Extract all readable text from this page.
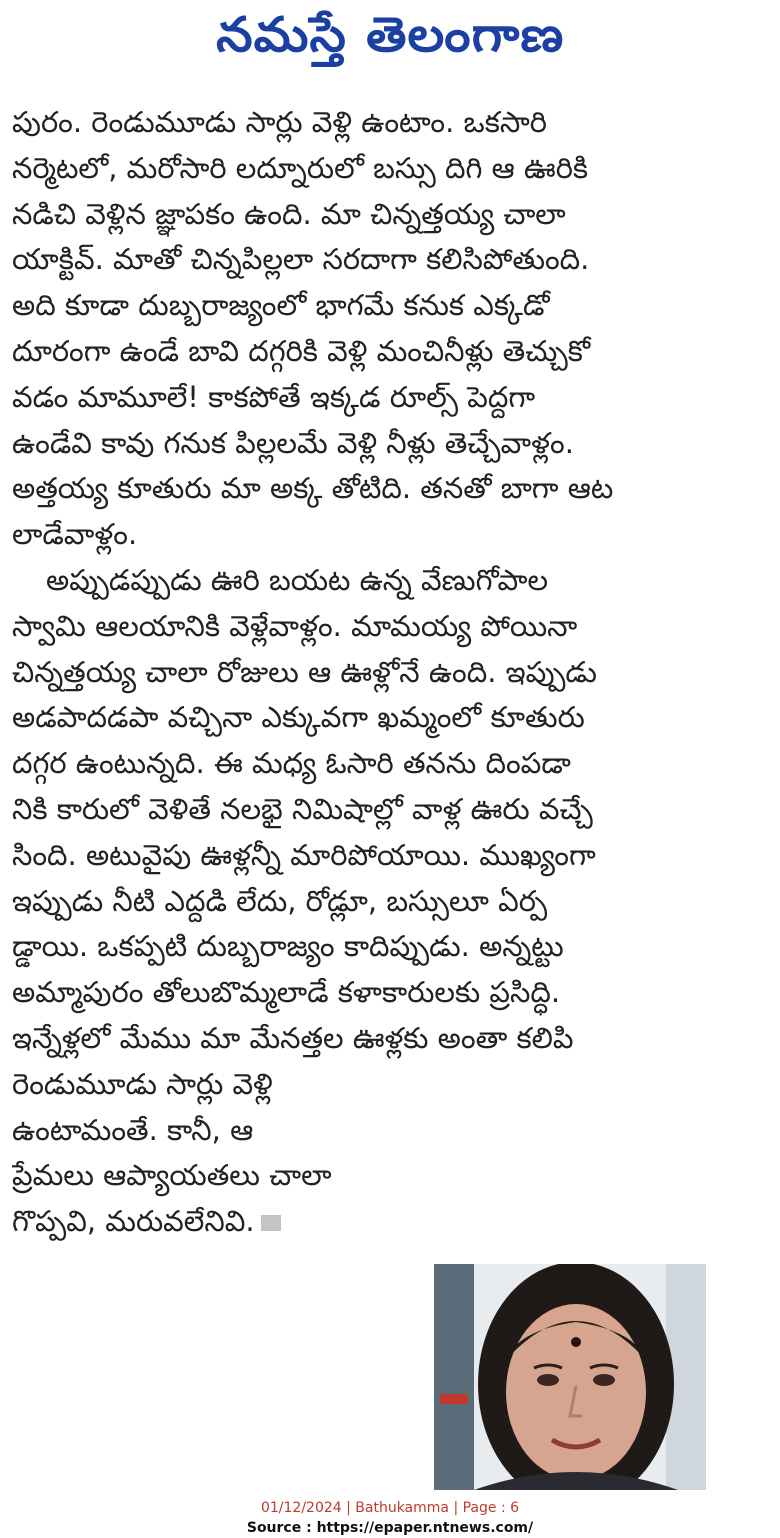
నమస్తే తెలంగాణ
పురం. రెండుమూడు సార్లు వెళ్లి ఉంటాం. ఒకసారి
నర్మెటలో, మరోసారి లద్నూరులో బస్సు దిగి ఆ ఊరికి
నడిచి వెళ్లిన జ్ఞాపకం ఉంది. మా చిన్నత్తయ్య చాలా
యాక్టివ్. మాతో చిన్నపిల్లలా సరదాగా కలిసిపోతుంది.
అది కూడా దుబ్బరాజ్యంలో భాగమే కనుక ఎక్కడో
దూరంగా ఉండే బావి దగ్గరికి వెళ్లి మంచినీళ్లు తెచ్చుకో
వడం మామూలే! కాకపోతే ఇక్కడ రూల్స్ పెద్దగా
ఉండేవి కావు గనుక పిల్లలమే వెళ్లి నీళ్లు తెచ్చేవాళ్లం.
అత్తయ్య కూతురు మా అక్క తోటిది. తనతో బాగా ఆట
లాడేవాళ్లం.
అప్పుడప్పుడు ఊరి బయట ఉన్న వేణుగోపాల
స్వామి ఆలయానికి వెళ్లేవాళ్లం. మామయ్య పోయినా
చిన్నత్తయ్య చాలా రోజులు ఆ ఊళ్లోనే ఉంది. ఇప్పుడు
అడపాదడపా వచ్చినా ఎక్కువగా ఖమ్మంలో కూతురు
దగ్గర ఉంటున్నది. ఈ మధ్య ఓసారి తనను దింపడా
నికి కారులో వెళితే నలభై నిమిషాల్లో వాళ్ల ఊరు వచ్చే
సింది. అటువైపు ఊళ్లన్నీ మారిపోయాయి. ముఖ్యంగా
ఇప్పుడు నీటి ఎద్దడి లేదు, రోడ్లూ, బస్సులూ ఏర్ప
డ్డాయి. ఒకప్పటి దుబ్బరాజ్యం కాదిప్పుడు. అన్నట్టు
అమ్మాపురం తోలుబొమ్మలాడే కళాకారులకు ప్రసిద్ధి.
ఇన్నేళ్లలో మేము మా మేనత్తల ఊళ్లకు అంతా కలిపి
రెండుమూడు సార్లు వెళ్లి
ఉంటామంతే. కానీ, ఆ
ప్రేమలు ఆప్యాయతలు చాలా
గొప్పవి, మరువలేనివి.
01/12/2024 | Bathukamma | Page : 6
Source : https://epaper.ntnews.com/
